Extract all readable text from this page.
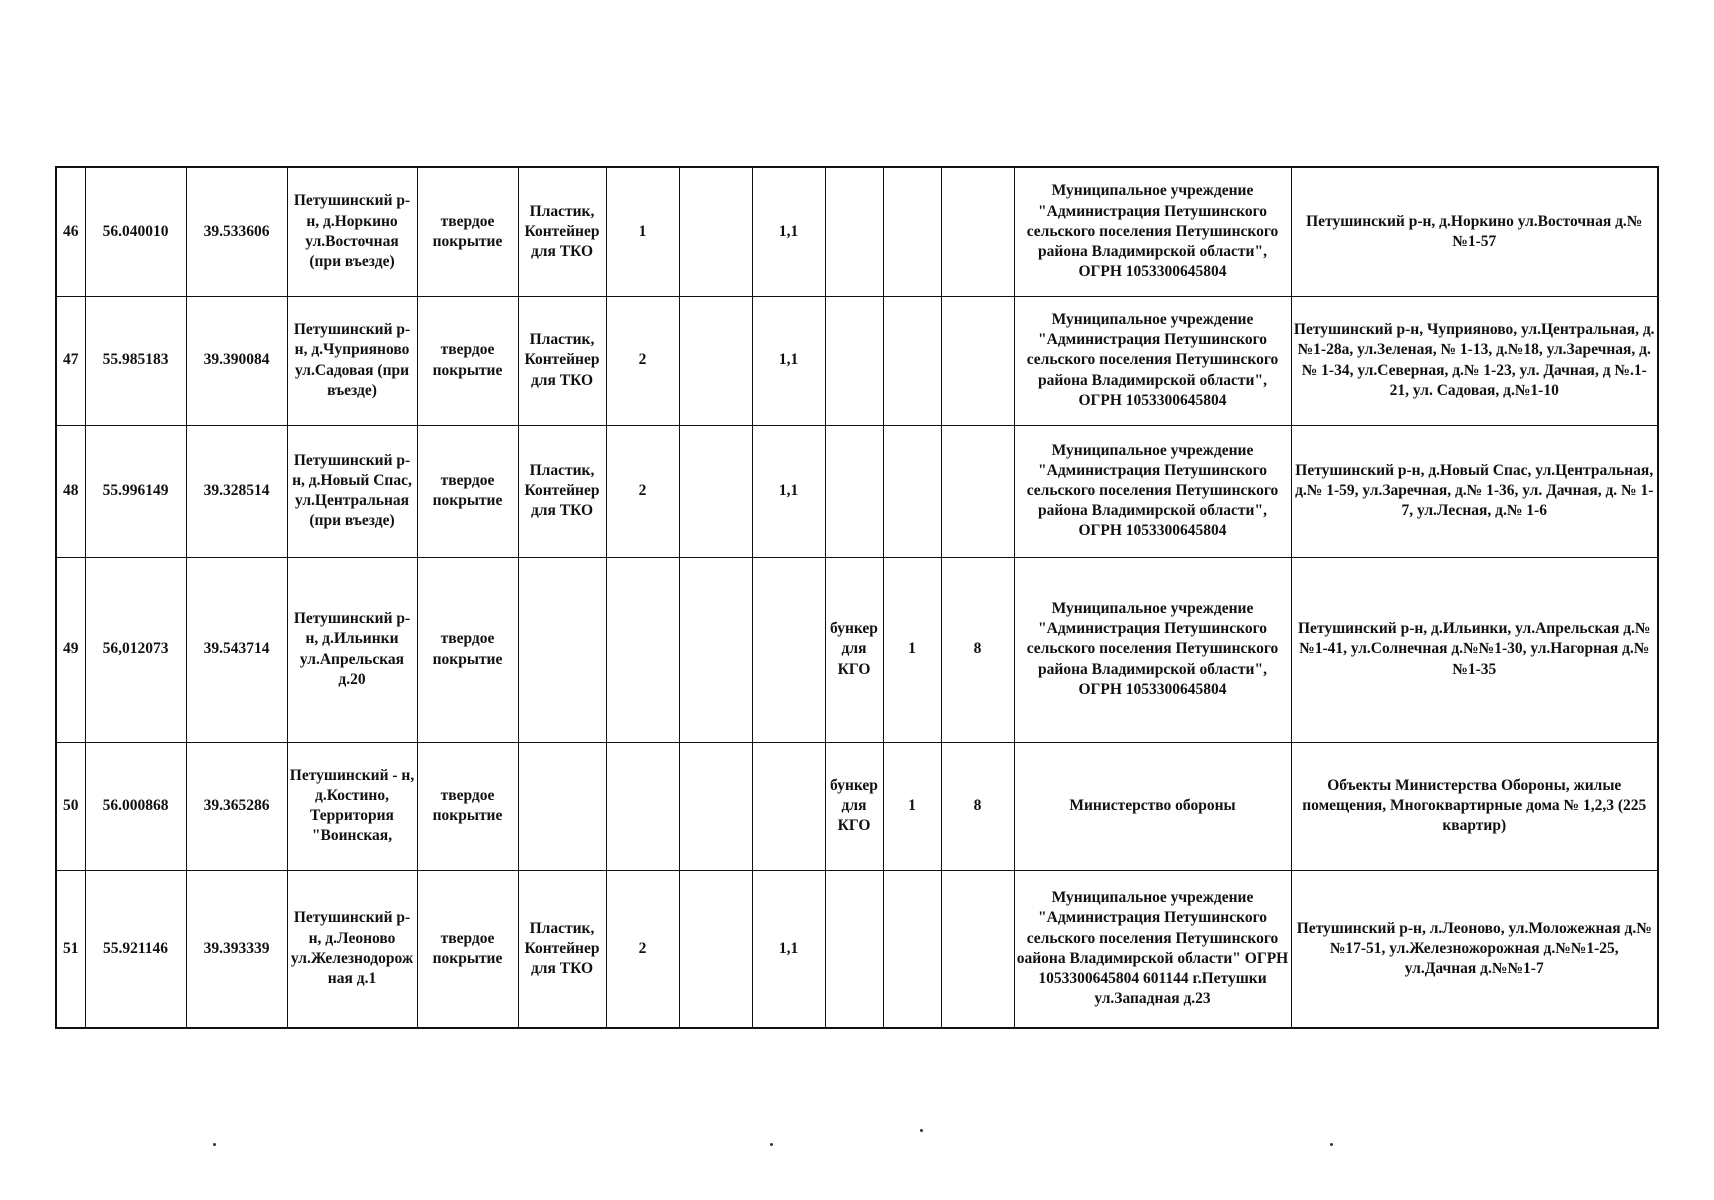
46	56.040010	39.533606	Петушинский р-н, д.Норкино ул.Восточная (при въезде)	твердое покрытие	Пластик, Контейнер для ТКО	1		1,1				Муниципальное учреждение "Администрация Петушинского сельского поселения Петушинского района Владимирской области", ОГРН 1053300645804	Петушинский р-н, д.Норкино ул.Восточная д.№№1-57
47	55.985183	39.390084	Петушинский р-н, д.Чуприяново ул.Садовая (при въезде)	твердое покрытие	Пластик, Контейнер для ТКО	2		1,1				Муниципальное учреждение "Администрация Петушинского сельского поселения Петушинского района Владимирской области", ОГРН 1053300645804	Петушинский р-н, Чуприяново, ул.Центральная, д.№1-28а, ул.Зеленая, № 1-13, д.№18, ул.Заречная, д.№ 1-34, ул.Северная, д.№ 1-23, ул. Дачная, д №.1-21, ул. Садовая, д.№1-10
48	55.996149	39.328514	Петушинский р-н, д.Новый Спас, ул.Центральная (при въезде)	твердое покрытие	Пластик, Контейнер для ТКО	2		1,1				Муниципальное учреждение "Администрация Петушинского сельского поселения Петушинского района Владимирской области", ОГРН 1053300645804	Петушинский р-н, д.Новый Спас, ул.Центральная, д.№ 1-59, ул.Заречная, д.№ 1-36, ул. Дачная, д. № 1-7, ул.Лесная, д.№ 1-6
49	56,012073	39.543714	Петушинский р-н, д.Ильинки ул.Апрельская д.20	твердое покрытие					бункер для КГО	1	8	Муниципальное учреждение "Администрация Петушинского сельского поселения Петушинского района Владимирской области", ОГРН 1053300645804	Петушинский р-н, д.Ильинки, ул.Апрельская д.№№1-41, ул.Солнечная д.№№1-30, ул.Нагорная д.№№1-35
50	56.000868	39.365286	Петушинский - н, д.Костино, Территория "Воинская,	твердое покрытие					бункер для КГО	1	8	Министерство обороны	Объекты Министерства Обороны, жилые помещения, Многоквартирные дома № 1,2,3 (225 квартир)
51	55.921146	39.393339	Петушинский р-н, д.Леоново ул.Железнодорожная д.1	твердое покрытие	Пластик, Контейнер для ТКО	2		1,1				Муниципальное учреждение "Администрация Петушинского сельского поселения Петушинского оайона Владимирской области" ОГРН 1053300645804 601144 г.Петушки ул.Западная д.23	Петушинский р-н, л.Леоново, ул.Моложежная д.№№17-51, ул.Железножорожная д.№№1-25, ул.Дачная д.№№1-7
